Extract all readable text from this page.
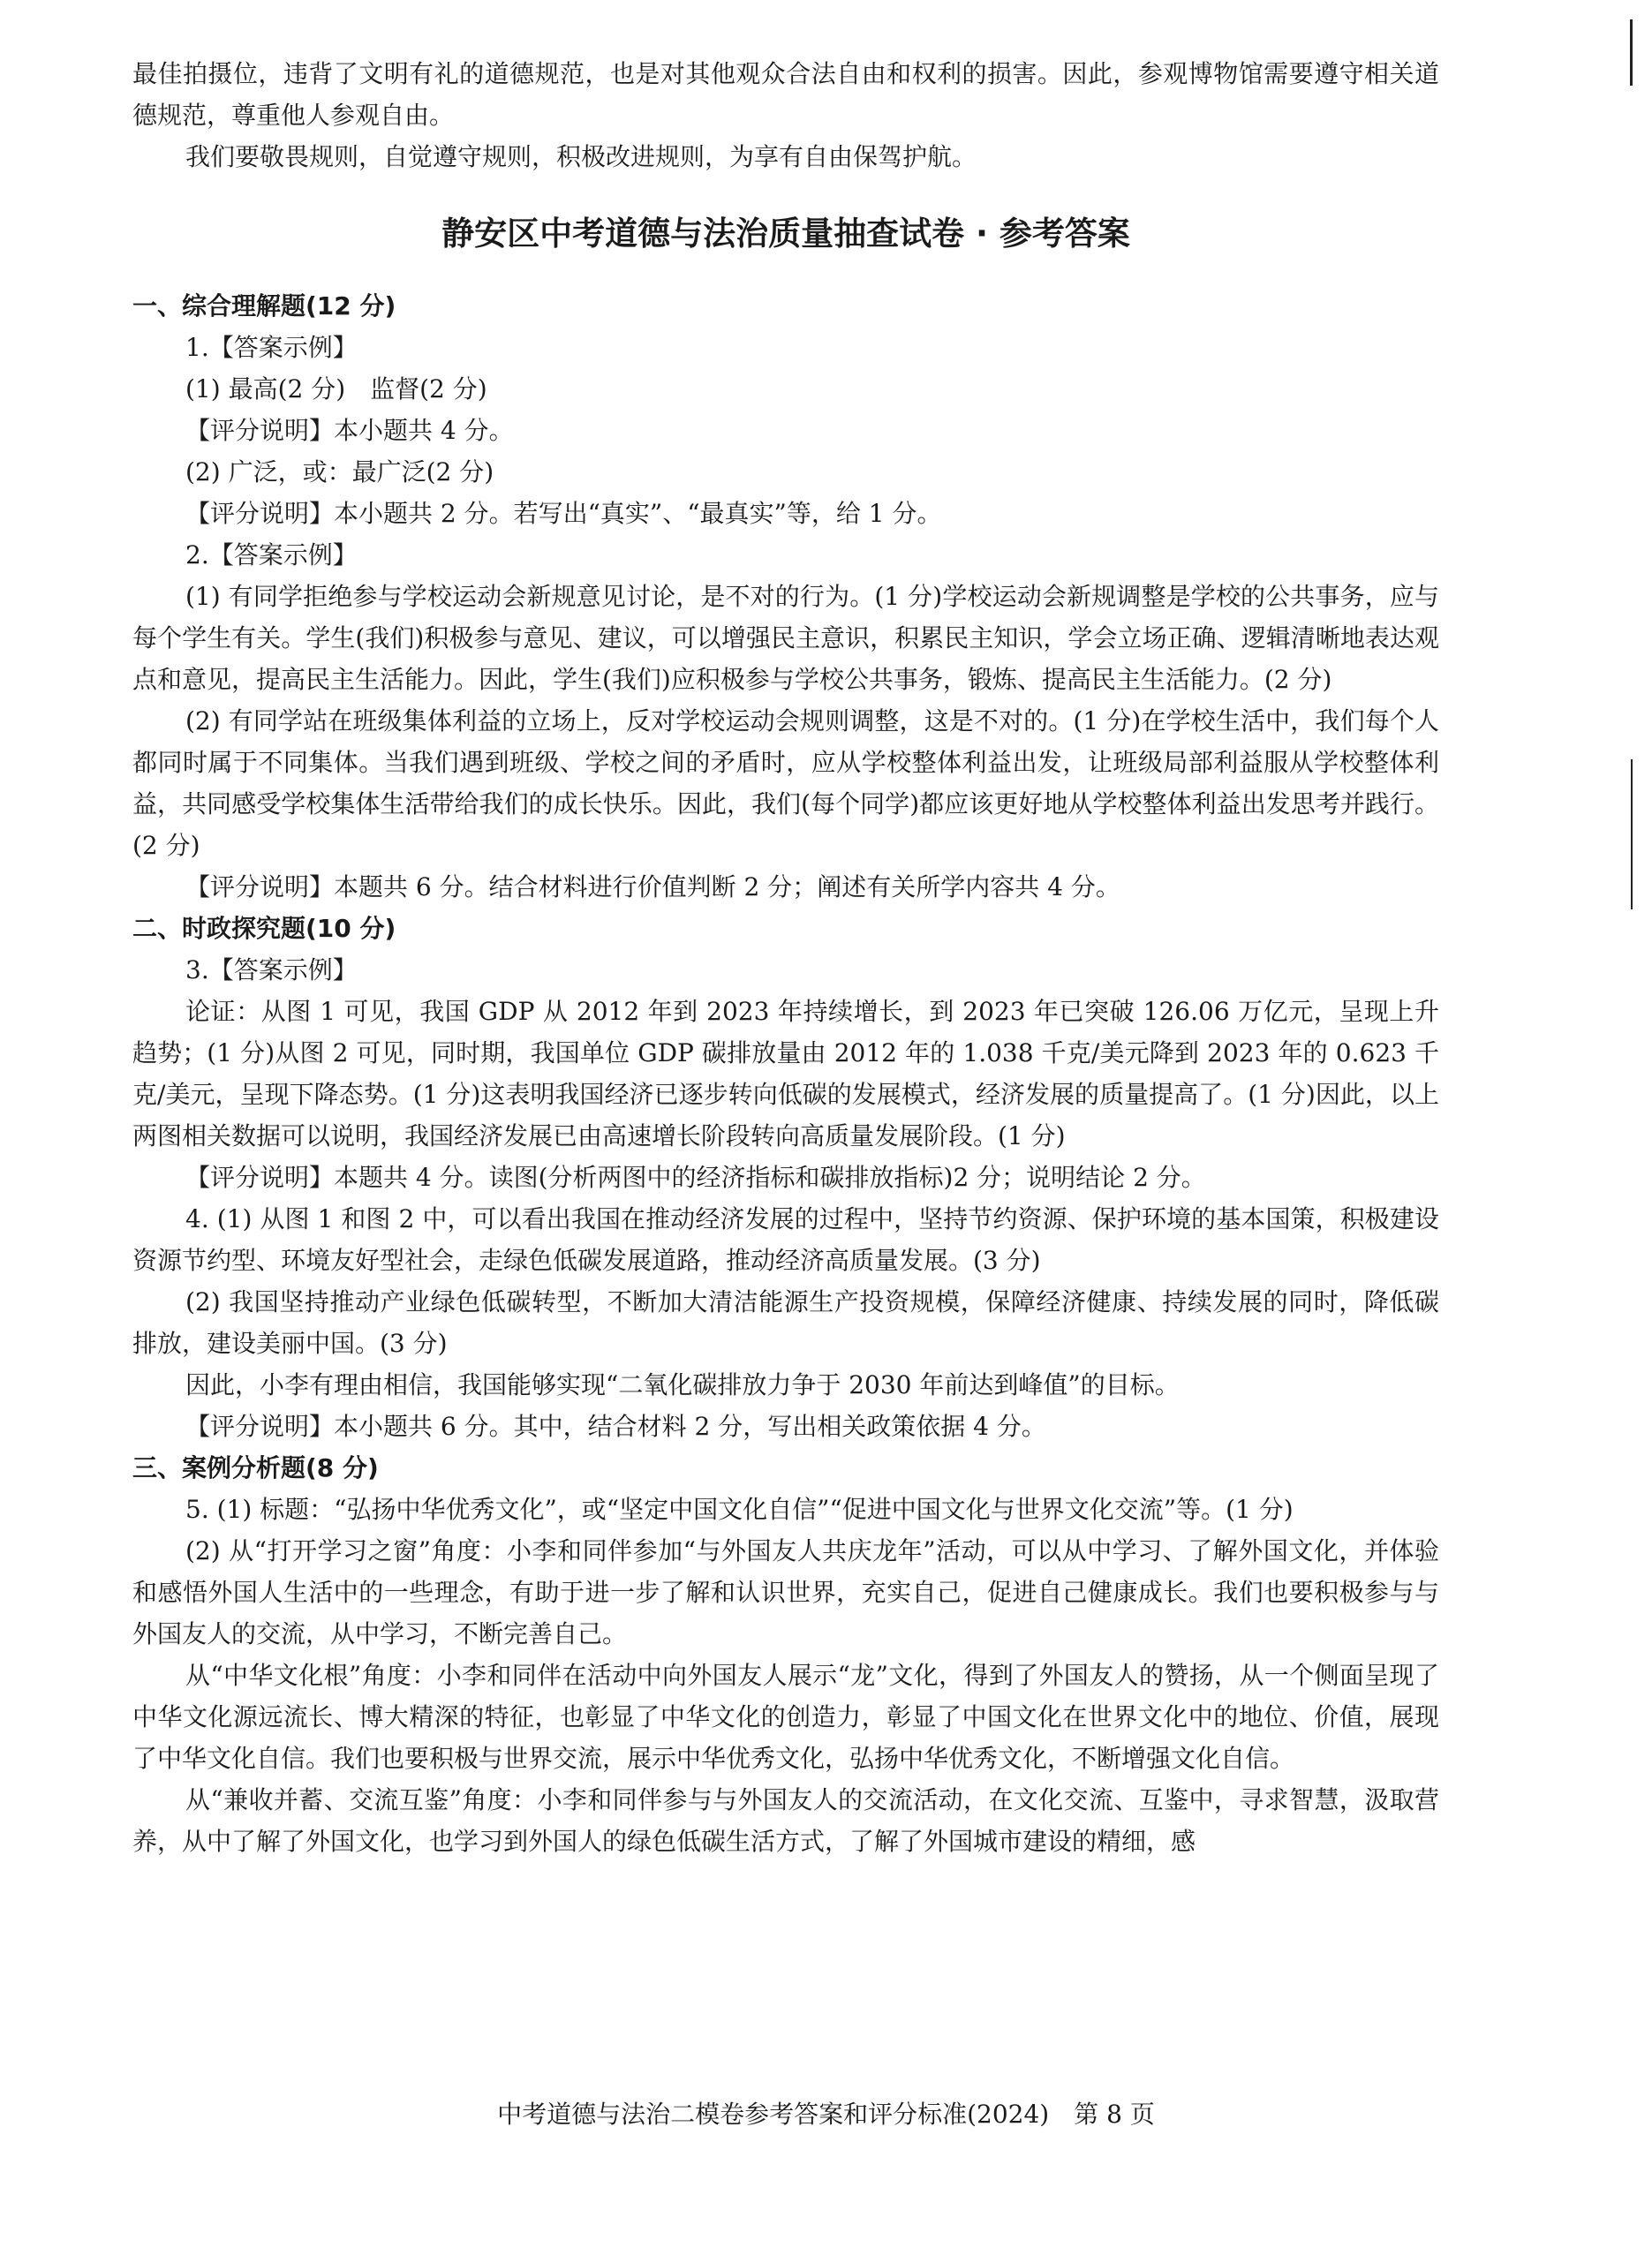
最佳拍摄位，违背了文明有礼的道德规范，也是对其他观众合法自由和权利的损害。因此，参观博物馆需要遵守相关道德规范，尊重他人参观自由。

我们要敬畏规则，自觉遵守规则，积极改进规则，为享有自由保驾护航。

静安区中考道德与法治质量抽查试卷 · 参考答案

一、综合理解题(12 分)

1.【答案示例】

(1) 最高(2 分)　监督(2 分)

【评分说明】本小题共 4 分。

(2) 广泛，或：最广泛(2 分)

【评分说明】本小题共 2 分。若写出“真实”、“最真实”等，给 1 分。

2.【答案示例】

(1) 有同学拒绝参与学校运动会新规意见讨论，是不对的行为。(1 分)学校运动会新规调整是学校的公共事务，应与每个学生有关。学生(我们)积极参与意见、建议，可以增强民主意识，积累民主知识，学会立场正确、逻辑清晰地表达观点和意见，提高民主生活能力。因此，学生(我们)应积极参与学校公共事务，锻炼、提高民主生活能力。(2 分)

(2) 有同学站在班级集体利益的立场上，反对学校运动会规则调整，这是不对的。(1 分)在学校生活中，我们每个人都同时属于不同集体。当我们遇到班级、学校之间的矛盾时，应从学校整体利益出发，让班级局部利益服从学校整体利益，共同感受学校集体生活带给我们的成长快乐。因此，我们(每个同学)都应该更好地从学校整体利益出发思考并践行。(2 分)

【评分说明】本题共 6 分。结合材料进行价值判断 2 分；阐述有关所学内容共 4 分。

二、时政探究题(10 分)

3.【答案示例】

论证：从图 1 可见，我国 GDP 从 2012 年到 2023 年持续增长，到 2023 年已突破 126.06 万亿元，呈现上升趋势；(1 分)从图 2 可见，同时期，我国单位 GDP 碳排放量由 2012 年的 1.038 千克/美元降到 2023 年的 0.623 千克/美元，呈现下降态势。(1 分)这表明我国经济已逐步转向低碳的发展模式，经济发展的质量提高了。(1 分)因此，以上两图相关数据可以说明，我国经济发展已由高速增长阶段转向高质量发展阶段。(1 分)

【评分说明】本题共 4 分。读图(分析两图中的经济指标和碳排放指标)2 分；说明结论 2 分。

4. (1) 从图 1 和图 2 中，可以看出我国在推动经济发展的过程中，坚持节约资源、保护环境的基本国策，积极建设资源节约型、环境友好型社会，走绿色低碳发展道路，推动经济高质量发展。(3 分)

(2) 我国坚持推动产业绿色低碳转型，不断加大清洁能源生产投资规模，保障经济健康、持续发展的同时，降低碳排放，建设美丽中国。(3 分)

因此，小李有理由相信，我国能够实现“二氧化碳排放力争于 2030 年前达到峰值”的目标。

【评分说明】本小题共 6 分。其中，结合材料 2 分，写出相关政策依据 4 分。

三、案例分析题(8 分)

5. (1) 标题：“弘扬中华优秀文化”，或“坚定中国文化自信”“促进中国文化与世界文化交流”等。(1 分)

(2) 从“打开学习之窗”角度：小李和同伴参加“与外国友人共庆龙年”活动，可以从中学习、了解外国文化，并体验和感悟外国人生活中的一些理念，有助于进一步了解和认识世界，充实自己，促进自己健康成长。我们也要积极参与与外国友人的交流，从中学习，不断完善自己。

从“中华文化根”角度：小李和同伴在活动中向外国友人展示“龙”文化，得到了外国友人的赞扬，从一个侧面呈现了中华文化源远流长、博大精深的特征，也彰显了中华文化的创造力，彰显了中国文化在世界文化中的地位、价值，展现了中华文化自信。我们也要积极与世界交流，展示中华优秀文化，弘扬中华优秀文化，不断增强文化自信。

从“兼收并蓄、交流互鉴”角度：小李和同伴参与与外国友人的交流活动，在文化交流、互鉴中，寻求智慧，汲取营养，从中了解了外国文化，也学习到外国人的绿色低碳生活方式，了解了外国城市建设的精细，感

中考道德与法治二模卷参考答案和评分标准(2024)　第 8 页
